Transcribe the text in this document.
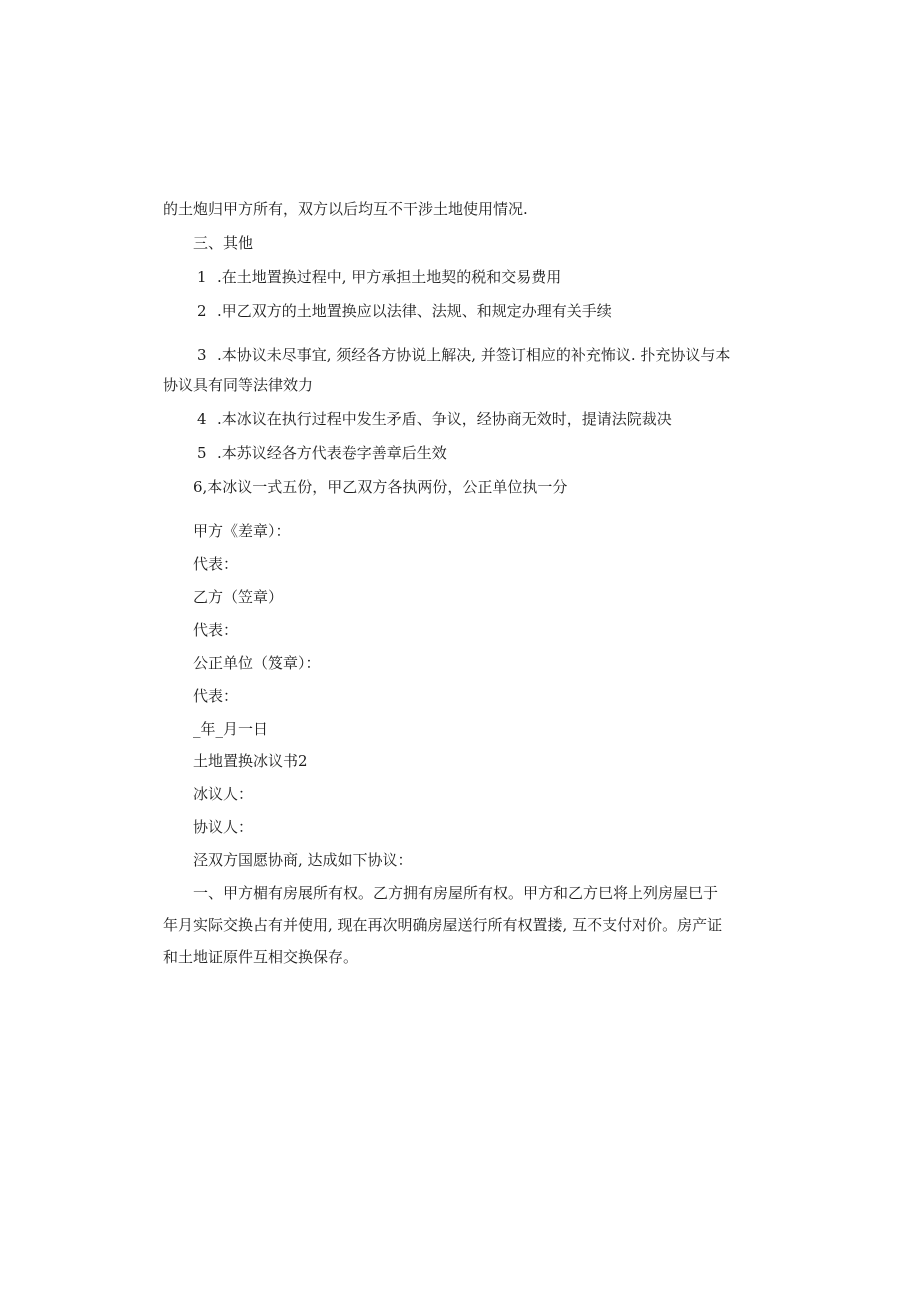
的土炮归甲方所有，双方以后均互不干涉土地使用情况.

三、其他

1 .在土地置换过程中, 甲方承担土地契的税和交易费用

2 .甲乙双方的土地置换应以法律、法规、和规定办理有关手续

3 .本协议未尽事宜, 须经各方协说上解决, 并签订相应的补充怖议. 扑充协议与本

协议具有同等法律效力

4 .本冰议在执行过程中发生矛盾、争议，经协商无效时，提请法院裁决

5 .本苏议经各方代表卷字善章后生效

6,本冰议一式五份，甲乙双方各执两份，公正单位执一分

甲方《差章）：

代表：

乙方（笠章）

代表：

公正单位（笈章）：

代表：

_年_月一日

土地置换冰议书2

冰议人：

协议人：

泾双方国愿协商, 达成如下协议：

一、甲方楣有房展所有权。乙方拥有房屋所有权。甲方和乙方巳将上列房屋巳于

年月实际交换占有并使用, 现在再次明确房屋送行所有权置搂, 互不支付对价。房产证

和土地证原件互相交换保存。
